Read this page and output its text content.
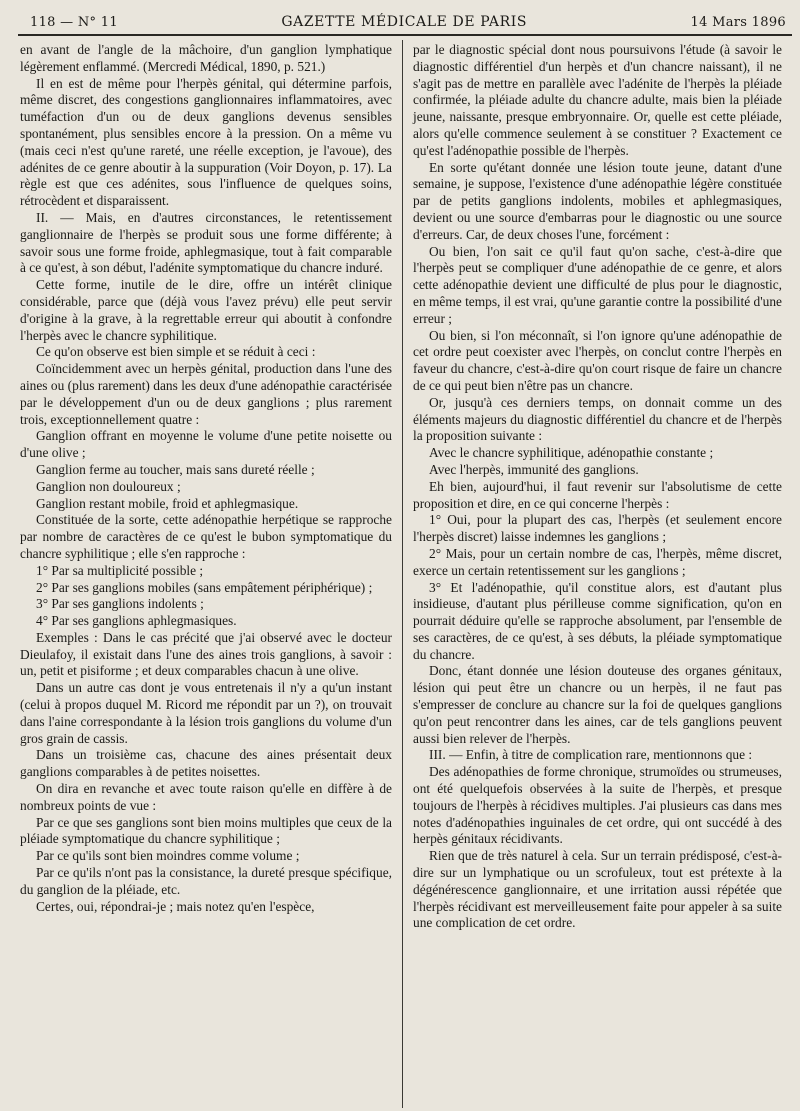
118 — N° 11	GAZETTE MÉDICALE DE PARIS	14 Mars 1896

en avant de l'angle de la mâchoire, d'un ganglion lymphatique légèrement enflammé. (Mercredi Médical, 1890, p. 521.)

Il en est de même pour l'herpès génital, qui détermine parfois, même discret, des congestions ganglionnaires inflammatoires, avec tuméfaction d'un ou de deux ganglions devenus sensibles spontanément, plus sensibles encore à la pression. On a même vu (mais ceci n'est qu'une rareté, une réelle exception, je l'avoue), des adénites de ce genre aboutir à la suppuration (Voir Doyon, p. 17). La règle est que ces adénites, sous l'influence de quelques soins, rétrocèdent et disparaissent.

II. — Mais, en d'autres circonstances, le retentissement ganglionnaire de l'herpès se produit sous une forme différente; à savoir sous une forme froide, aphlegmasique, tout à fait comparable à ce qu'est, à son début, l'adénite symptomatique du chancre induré.

Cette forme, inutile de le dire, offre un intérêt clinique considérable, parce que (déjà vous l'avez prévu) elle peut servir d'origine à la grave, à la regrettable erreur qui aboutit à confondre l'herpès avec le chancre syphilitique.

Ce qu'on observe est bien simple et se réduit à ceci :

Coïncidemment avec un herpès génital, production dans l'une des aines ou (plus rarement) dans les deux d'une adénopathie caractérisée par le développement d'un ou de deux ganglions ; plus rarement trois, exceptionnellement quatre :

Ganglion offrant en moyenne le volume d'une petite noisette ou d'une olive ;

Ganglion ferme au toucher, mais sans dureté réelle ;

Ganglion non douloureux ;

Ganglion restant mobile, froid et aphlegmasique.

Constituée de la sorte, cette adénopathie herpétique se rapproche par nombre de caractères de ce qu'est le bubon symptomatique du chancre syphilitique ; elle s'en rapproche :

1° Par sa multiplicité possible ;

2° Par ses ganglions mobiles (sans empâtement périphérique) ;

3° Par ses ganglions indolents ;

4° Par ses ganglions aphlegmasiques.

Exemples : Dans le cas précité que j'ai observé avec le docteur Dieulafoy, il existait dans l'une des aines trois ganglions, à savoir : un, petit et pisiforme ; et deux comparables chacun à une olive.

Dans un autre cas dont je vous entretenais il n'y a qu'un instant (celui à propos duquel M. Ricord me répondit par un ?), on trouvait dans l'aine correspondante à la lésion trois ganglions du volume d'un gros grain de cassis.

Dans un troisième cas, chacune des aines présentait deux ganglions comparables à de petites noisettes.

On dira en revanche et avec toute raison qu'elle en diffère à de nombreux points de vue :

Par ce que ses ganglions sont bien moins multiples que ceux de la pléiade symptomatique du chancre syphilitique ;

Par ce qu'ils sont bien moindres comme volume ;

Par ce qu'ils n'ont pas la consistance, la dureté presque spécifique, du ganglion de la pléiade, etc.

Certes, oui, répondrai-je ; mais notez qu'en l'espèce,

par le diagnostic spécial dont nous poursuivons l'étude (à savoir le diagnostic différentiel d'un herpès et d'un chancre naissant), il ne s'agit pas de mettre en parallèle avec l'adénite de l'herpès la pléiade confirmée, la pléiade adulte du chancre adulte, mais bien la pléiade jeune, naissante, presque embryonnaire. Or, quelle est cette pléiade, alors qu'elle commence seulement à se constituer ? Exactement ce qu'est l'adénopathie possible de l'herpès.

En sorte qu'étant donnée une lésion toute jeune, datant d'une semaine, je suppose, l'existence d'une adénopathie légère constituée par de petits ganglions indolents, mobiles et aphlegmasiques, devient ou une source d'embarras pour le diagnostic ou une source d'erreurs. Car, de deux choses l'une, forcément :

Ou bien, l'on sait ce qu'il faut qu'on sache, c'est-à-dire que l'herpès peut se compliquer d'une adénopathie de ce genre, et alors cette adénopathie devient une difficulté de plus pour le diagnostic, en même temps, il est vrai, qu'une garantie contre la possibilité d'une erreur ;

Ou bien, si l'on méconnaît, si l'on ignore qu'une adénopathie de cet ordre peut coexister avec l'herpès, on conclut contre l'herpès en faveur du chancre, c'est-à-dire qu'on court risque de faire un chancre de ce qui peut bien n'être pas un chancre.

Or, jusqu'à ces derniers temps, on donnait comme un des éléments majeurs du diagnostic différentiel du chancre et de l'herpès la proposition suivante :

Avec le chancre syphilitique, adénopathie constante ;

Avec l'herpès, immunité des ganglions.

Eh bien, aujourd'hui, il faut revenir sur l'absolutisme de cette proposition et dire, en ce qui concerne l'herpès :

1° Oui, pour la plupart des cas, l'herpès (et seulement encore l'herpès discret) laisse indemnes les ganglions ;

2° Mais, pour un certain nombre de cas, l'herpès, même discret, exerce un certain retentissement sur les ganglions ;

3° Et l'adénopathie, qu'il constitue alors, est d'autant plus insidieuse, d'autant plus périlleuse comme signification, qu'on en pourrait déduire qu'elle se rapproche absolument, par l'ensemble de ses caractères, de ce qu'est, à ses débuts, la pléiade symptomatique du chancre.

Donc, étant donnée une lésion douteuse des organes génitaux, lésion qui peut être un chancre ou un herpès, il ne faut pas s'empresser de conclure au chancre sur la foi de quelques ganglions qu'on peut rencontrer dans les aines, car de tels ganglions peuvent aussi bien relever de l'herpès.

III. — Enfin, à titre de complication rare, mentionnons que :

Des adénopathies de forme chronique, strumoïdes ou strumeuses, ont été quelquefois observées à la suite de l'herpès, et presque toujours de l'herpès à récidives multiples. J'ai plusieurs cas dans mes notes d'adénopathies inguinales de cet ordre, qui ont succédé à des herpès génitaux récidivants.

Rien que de très naturel à cela. Sur un terrain prédisposé, c'est-à-dire sur un lymphatique ou un scrofuleux, tout est prétexte à la dégénérescence ganglionnaire, et une irritation aussi répétée que l'herpès récidivant est merveilleusement faite pour appeler à sa suite une complication de cet ordre.
